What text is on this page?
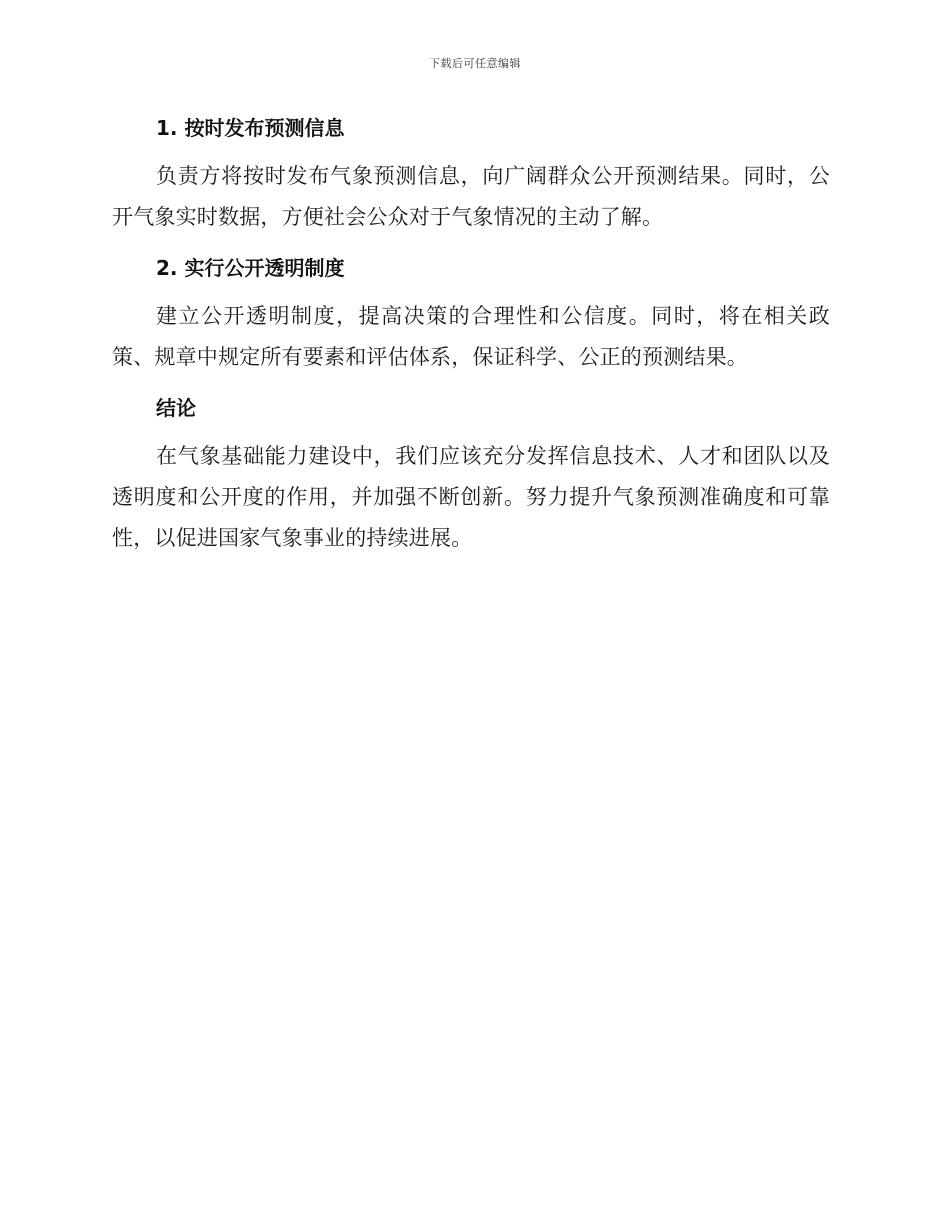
下载后可任意编辑
1. 按时发布预测信息

负责方将按时发布气象预测信息，向广阔群众公开预测结果。同时，公开气象实时数据，方便社会公众对于气象情况的主动了解。

2. 实行公开透明制度

建立公开透明制度，提高决策的合理性和公信度。同时，将在相关政策、规章中规定所有要素和评估体系，保证科学、公正的预测结果。

结论

在气象基础能力建设中，我们应该充分发挥信息技术、人才和团队以及透明度和公开度的作用，并加强不断创新。努力提升气象预测准确度和可靠性，以促进国家气象事业的持续进展。
